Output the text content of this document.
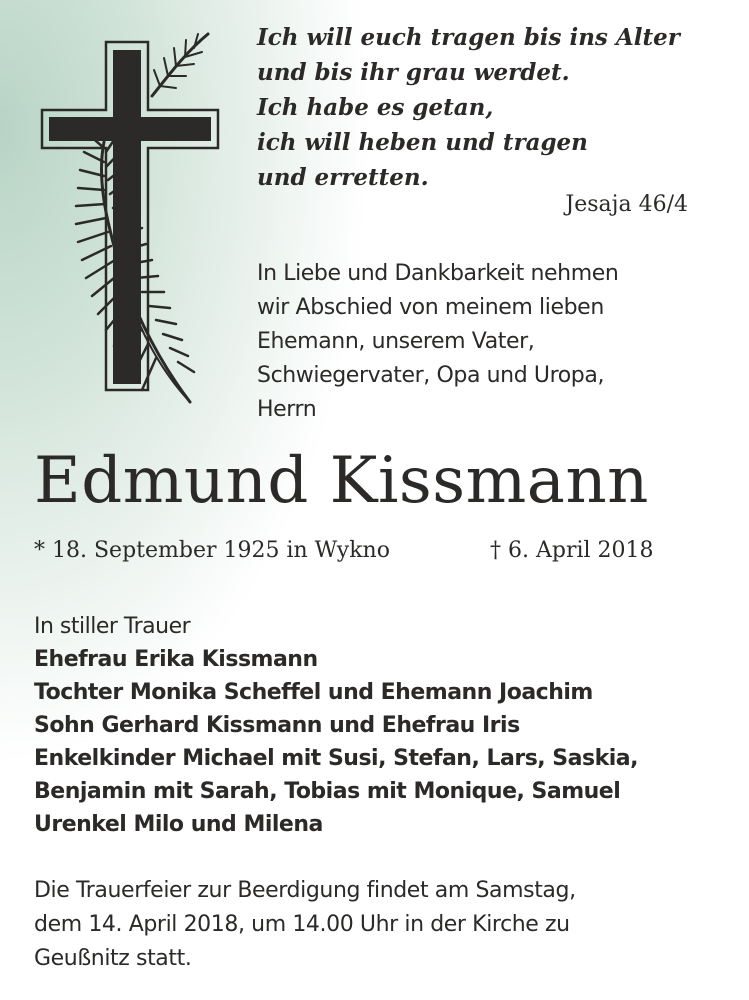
Ich will euch tragen bis ins Alter
und bis ihr grau werdet.
Ich habe es getan,
ich will heben und tragen
und erretten.
Jesaja 46/4
In Liebe und Dankbarkeit nehmen
wir Abschied von meinem lieben
Ehemann, unserem Vater,
Schwiegervater, Opa und Uropa,
Herrn
Edmund Kissmann
* 18. September 1925 in Wykno	† 6. April 2018
In stiller Trauer
Ehefrau Erika Kissmann
Tochter Monika Scheffel und Ehemann Joachim
Sohn Gerhard Kissmann und Ehefrau Iris
Enkelkinder Michael mit Susi, Stefan, Lars, Saskia,
Benjamin mit Sarah, Tobias mit Monique, Samuel
Urenkel Milo und Milena
Die Trauerfeier zur Beerdigung findet am Samstag,
dem 14. April 2018, um 14.00 Uhr in der Kirche zu
Geußnitz statt.
